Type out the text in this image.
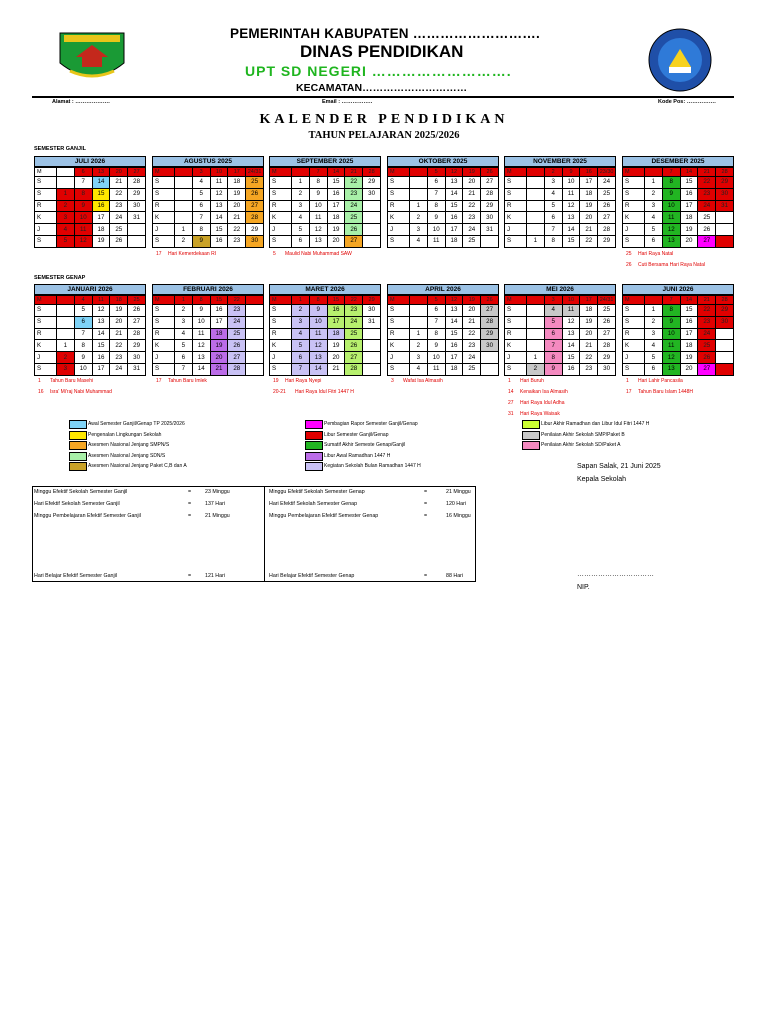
PEMERINTAH KABUPATEN ……………………….
DINAS PENDIDIKAN
UPT SD NEGERI ……………………….
KECAMATAN…………………………
Alamat : ……………….	Email : ……………..	Kode Pos: …………….
KALENDER PENDIDIKAN
TAHUN PELAJARAN 2025/2026
SEMESTER GANJIL
SEMESTER GENAP
JULI 2026
M		6	13	20	27
S		7	14	21	28
S	1	8	15	22	29
R	2	9	16	23	30
K	3	10	17	24	31
J	4	11	18	25	
S	5	12	19	26	
AGUSTUS 2025
M		3	10	17	24/31
S		4	11	18	25
S		5	12	19	26
R		6	13	20	27
K		7	14	21	28
J	1	8	15	22	29
S	2	9	16	23	30
SEPTEMBER 2025
M		7	14	21	28
S	1	8	15	22	29
S	2	9	16	23	30
R	3	10	17	24	
K	4	11	18	25	
J	5	12	19	26	
S	6	13	20	27	
OKTOBER 2025
M		5	12	19	26
S		6	13	20	27
S		7	14	21	28
R	1	8	15	22	29
K	2	9	16	23	30
J	3	10	17	24	31
S	4	11	18	25	
NOVEMBER 2025
M		2	9	16	23/30
S		3	10	17	24
S		4	11	18	25
R		5	12	19	26
K		6	13	20	27
J		7	14	21	28
S	1	8	15	22	29
DESEMBER 2025
M		7	14	21	28
S	1	8	15	22	29
S	2	9	16	23	30
R	3	10	17	24	31
K	4	11	18	25	
J	5	12	19	26	
S	6	13	20	27	
JANUARI 2026
M		4	11	18	25
S		5	12	19	26
S		6	13	20	27
R		7	14	21	28
K	1	8	15	22	29
J	2	9	16	23	30
S	3	10	17	24	31
FEBRUARI 2026
M	1	8	15	22	
S	2	9	16	23	
S	3	10	17	24	
R	4	11	18	25	
K	5	12	19	26	
J	6	13	20	27	
S	7	14	21	28	
MARET 2026
M	1	8	15	22	29
S	2	9	16	23	30
S	3	10	17	24	31
R	4	11	18	25	
K	5	12	19	26	
J	6	13	20	27	
S	7	14	21	28	
APRIL 2026
M		5	12	19	26
S		6	13	20	27
S		7	14	21	28
R	1	8	15	22	29
K	2	9	16	23	30
J	3	10	17	24	
S	4	11	18	25	
MEI 2026
M		3	10	17	24/31
S		4	11	18	25
S		5	12	19	26
R		6	13	20	27
K		7	14	21	28
J	1	8	15	22	29
S	2	9	16	23	30
JUNI 2026
M		7	14	21	28
S	1	8	15	22	29
S	2	9	16	23	30
R	3	10	17	24	
K	4	11	18	25	
J	5	12	19	26	
S	6	13	20	27	
17 Hari Kemerdekaan RI	5 Maulid Nabi Muhammad SAW	25 Hari Raya Natal
26 Cuti Bersama Hari Raya Natal
1 Tahun Baru Masehi
16 Isra' Mi'raj Nabi Muhammad
17 Tahun Baru Imlek	19 Hari Raya Nyepi
20-21 Hari Raya Idul Fitri 1447 H
3 Wafat Isa Almasih	1 Hari Buruh
14 Kenaikan Isa Almasih
27 Hari Raya Idul Adha
31 Hari Raya Waisak
1 Hari Lahir Pancasila
17 Tahun Baru Islam 1448H
Awal Semester Ganjil/Genap TP 2025/2026
Pengenalan Lingkungan Sekolah
Asesmen Nasional Jenjang SMPN/S
Asesmen Nasional Jenjang SDN/S
Asesmen Nasional Jenjang Paket C,B dan A
Pembagian Rapor Semester Ganjil/Genap
Libur Semester Ganjil/Genap
Sumatif Akhir Semeste Genap/Ganjil
Libur Awal Ramadhan 1447 H
Kegiatan Sekolah Bulan Ramadhan 1447 H
Libur Akhir Ramadhan dan Libur Idul Fitri 1447 H
Penilaian Akhir Sekolah SMP/Paket B
Penilaian Akhir Sekolah SD/Paket A
Sapan Salak, 21 Juni 2025
Kepala Sekolah
……………………………
NIP.
Minggu Efektif Sekolah Semester Ganjil	=	23 Minggu
Hari Efektif Sekolah Semester Ganjil	=	137 Hari
Minggu Pembelajaran Efektif Semester Ganjil	=	21 Minggu
Minggu Efektif Sekolah Semester Genap	=	21 Minggu
Hari Efektif Sekolah Semester Genap	=	120 Hari
Minggu Pembelajaran Efektif Semester Genap	=	16 Minggu
Hari Belajar Efektif Semester Ganjil	=	121 Hari	Hari Belajar Efektif Semester Genap	=	88 Hari
